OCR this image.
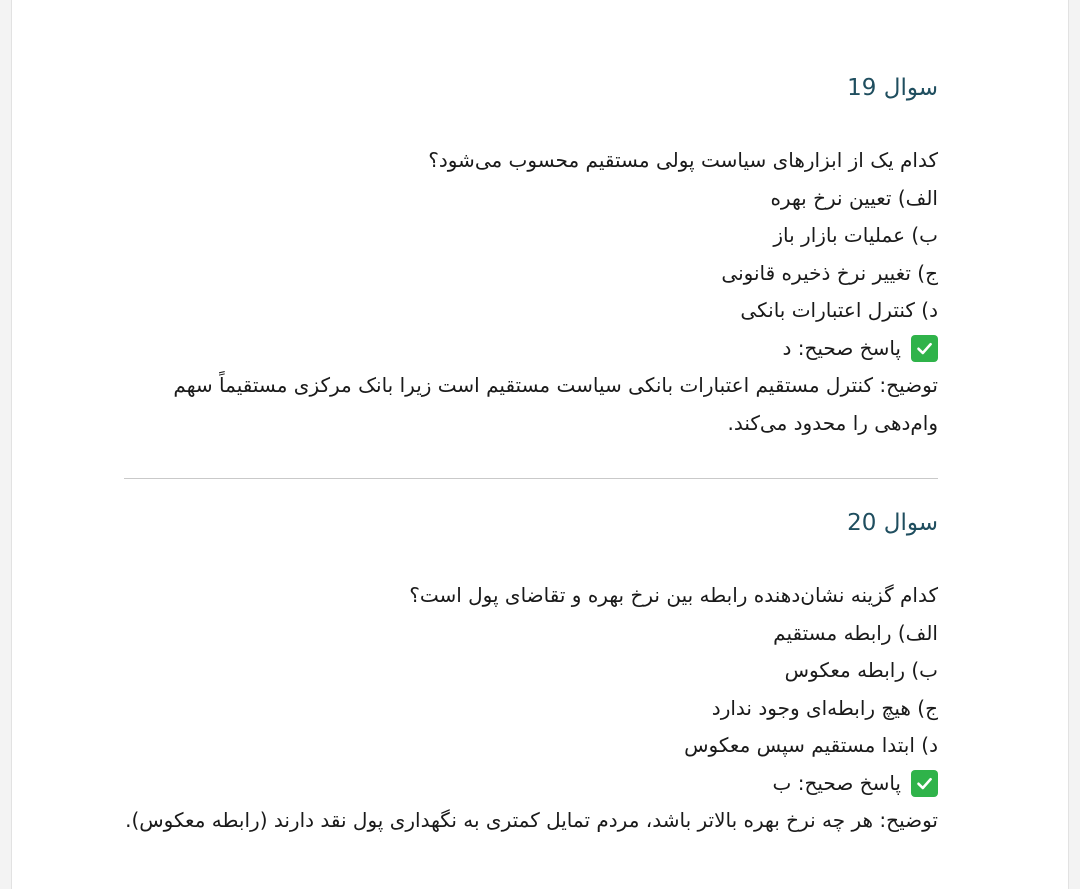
سوال 19
کدام یک از ابزارهای سیاست پولی مستقیم محسوب می‌شود؟
الف) تعیین نرخ بهره
ب) عملیات بازار باز
ج) تغییر نرخ ذخیره قانونی
د) کنترل اعتبارات بانکی
پاسخ صحیح: د
توضیح: کنترل مستقیم اعتبارات بانکی سیاست مستقیم است زیرا بانک مرکزی مستقیماً سهم وام‌دهی را محدود می‌کند.
سوال 20
کدام گزینه نشان‌دهنده رابطه بین نرخ بهره و تقاضای پول است؟
الف) رابطه مستقیم
ب) رابطه معکوس
ج) هیچ رابطه‌ای وجود ندارد
د) ابتدا مستقیم سپس معکوس
پاسخ صحیح: ب
توضیح: هر چه نرخ بهره بالاتر باشد، مردم تمایل کمتری به نگهداری پول نقد دارند (رابطه معکوس).
